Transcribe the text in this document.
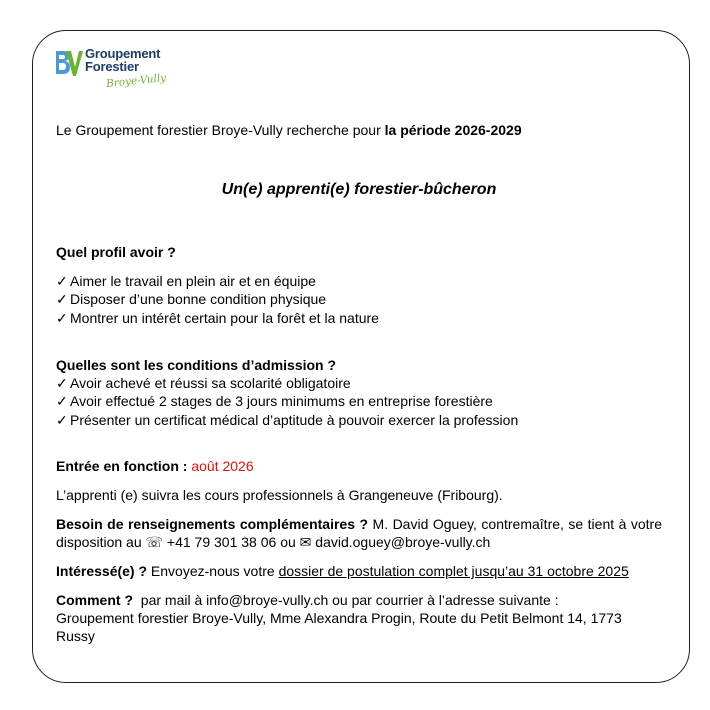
Groupement
Forestier
Broye-Vully
Le Groupement forestier Broye-Vully recherche pour la période 2026-2029
Un(e) apprenti(e) forestier-bûcheron
Quel profil avoir ?
✓ Aimer le travail en plein air et en équipe
✓ Disposer d’une bonne condition physique
✓ Montrer un intérêt certain pour la forêt et la nature
Quelles sont les conditions d’admission ?
✓ Avoir achevé et réussi sa scolarité obligatoire
✓ Avoir effectué 2 stages de 3 jours minimums en entreprise forestière
✓ Présenter un certificat médical d’aptitude à pouvoir exercer la profession
Entrée en fonction : août 2026
L’apprenti (e) suivra les cours professionnels à Grangeneuve (Fribourg).
Besoin de renseignements complémentaires ? M. David Oguey, contremaître, se tient à votre disposition au ☏ +41 79 301 38 06 ou ✉ david.oguey@broye-vully.ch
Intéressé(e) ? Envoyez-nous votre dossier de postulation complet jusqu’au 31 octobre 2025
Comment ?  par mail à info@broye-vully.ch ou par courrier à l’adresse suivante :
Groupement forestier Broye-Vully, Mme Alexandra Progin, Route du Petit Belmont 14, 1773 Russy
